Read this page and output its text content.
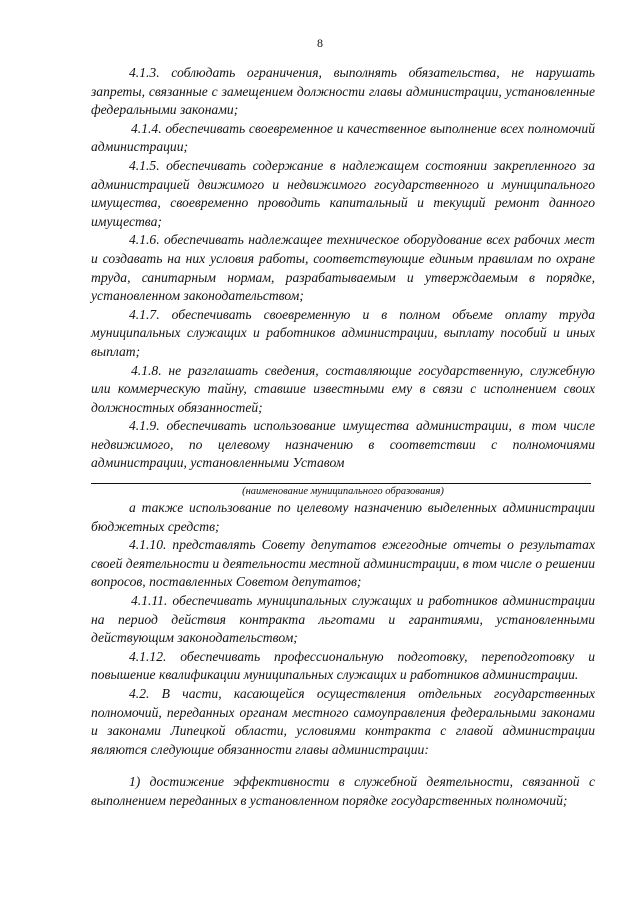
8

4.1.3. соблюдать ограничения, выполнять обязательства, не нарушать запреты, связанные с замещением должности главы администрации, установленные федеральными законами;

4.1.4. обеспечивать своевременное и качественное выполнение всех полномочий администрации;

4.1.5. обеспечивать содержание в надлежащем состоянии закрепленного за администрацией движимого и недвижимого государственного и муниципального имущества, своевременно проводить капитальный и текущий ремонт данного имущества;

4.1.6. обеспечивать надлежащее техническое оборудование всех рабочих мест и создавать на них условия работы, соответствующие единым правилам по охране труда, санитарным нормам, разрабатываемым и утверждаемым в порядке, установленном законодательством;

4.1.7. обеспечивать своевременную и в полном объеме оплату труда муниципальных служащих и работников администрации, выплату пособий и иных выплат;

4.1.8. не разглашать сведения, составляющие государственную, служебную или коммерческую тайну, ставшие известными ему в связи с исполнением своих должностных обязанностей;

4.1.9. обеспечивать использование имущества администрации, в том числе недвижимого, по целевому назначению в соответствии с полномочиями администрации, установленными Уставом

(наименование муниципального образования)

а также использование по целевому назначению выделенных администрации бюджетных средств;

4.1.10. представлять Совету депутатов ежегодные отчеты о результатах своей деятельности и деятельности местной администрации, в том числе о решении вопросов, поставленных Советом депутатов;

4.1.11. обеспечивать муниципальных служащих и работников администрации на период действия контракта льготами и гарантиями, установленными действующим законодательством;

4.1.12. обеспечивать профессиональную подготовку, переподготовку и повышение квалификации муниципальных служащих и работников администрации.

4.2. В части, касающейся осуществления отдельных государственных полномочий, переданных органам местного самоуправления федеральными законами и законами Липецкой области, условиями контракта с главой администрации являются следующие обязанности главы администрации:

1) достижение эффективности в служебной деятельности, связанной с выполнением переданных в установленном порядке государственных полномочий;
